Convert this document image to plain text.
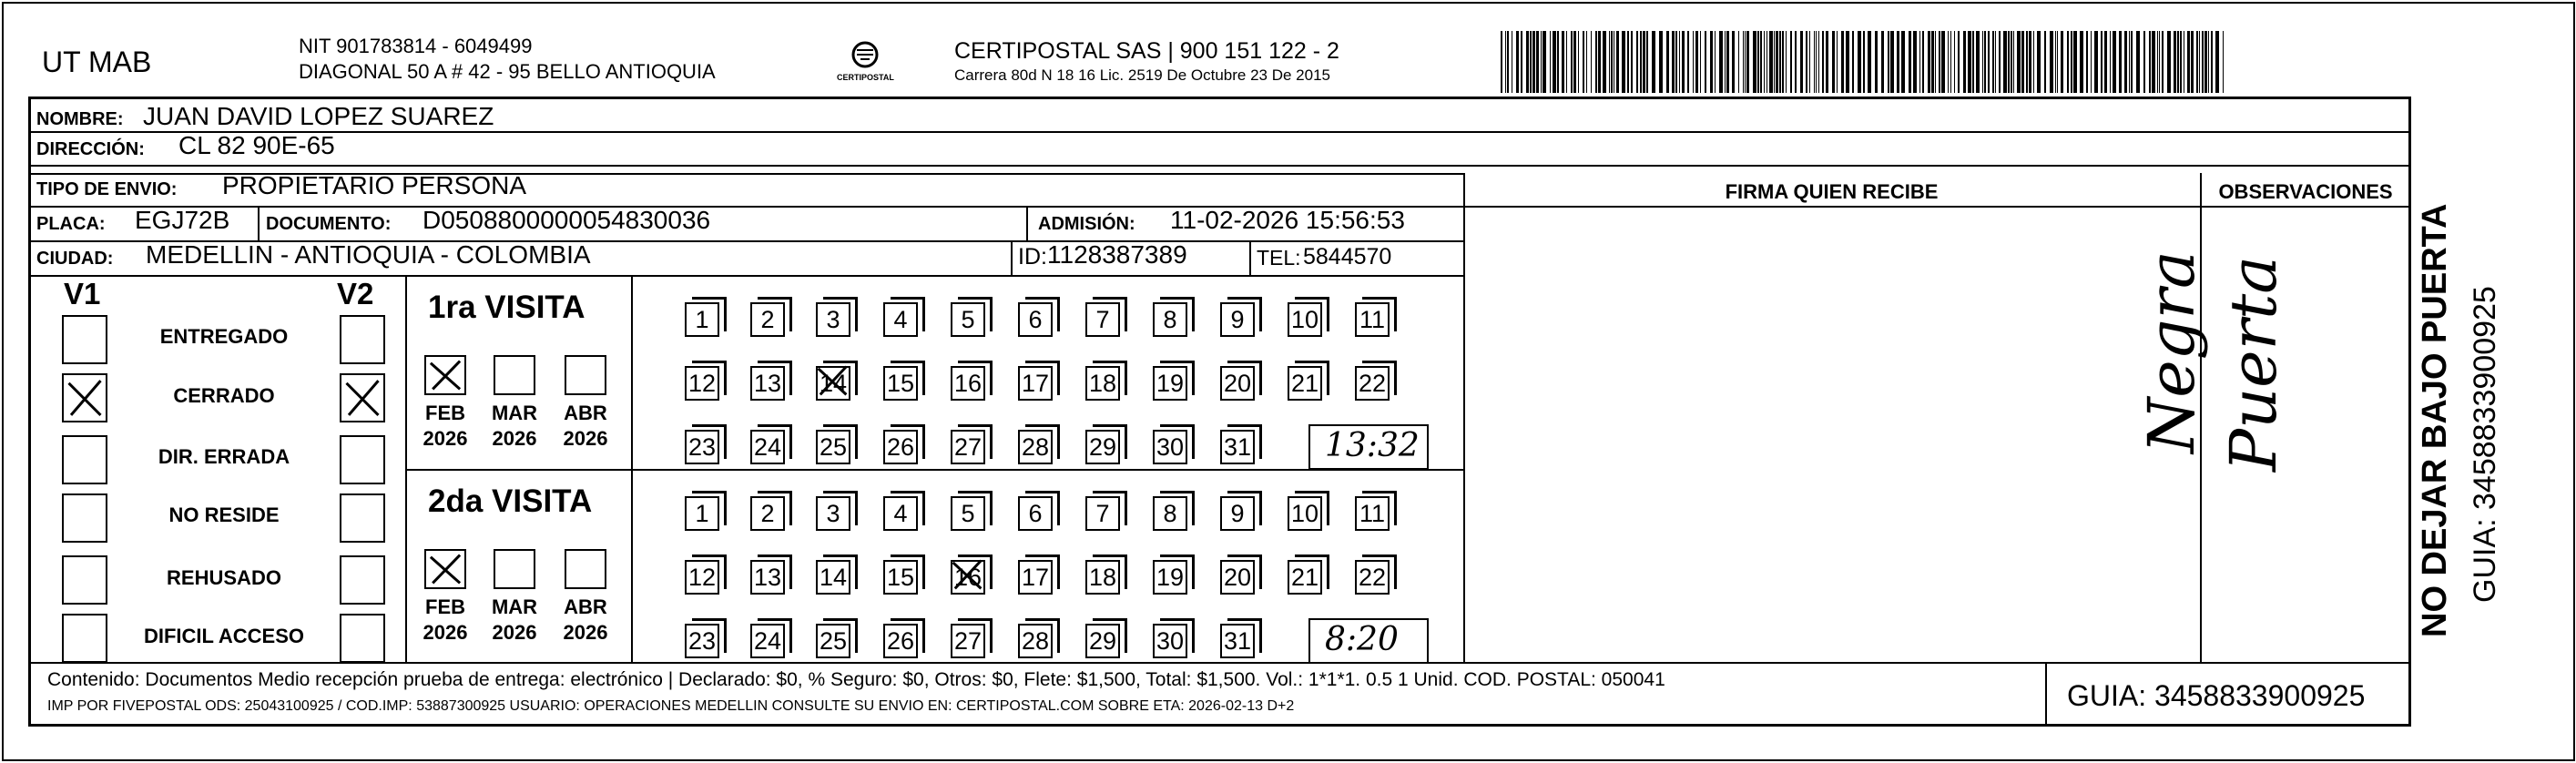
UT MAB	NIT 901783814 - 6049499
DIAGONAL 50 A # 42 - 95 BELLO ANTIOQUIA	CERTIPOSTAL
CERTIPOSTAL SAS | 900 151 122 - 2
Carrera 80d N 18 16 Lic. 2519 De Octubre 23 De 2015
NOMBRE: JUAN DAVID LOPEZ SUAREZ
DIRECCIÓN: CL 82 90E-65
TIPO DE ENVIO: PROPIETARIO PERSONA
PLACA: EGJ72B DOCUMENTO: D0508800000054830036	ADMISIÓN: 11-02-2026 15:56:53
CIUDAD: MEDELLIN - ANTIOQUIA - COLOMBIA	ID: 1128387389	TEL: 5844570
FIRMA QUIEN RECIBE	OBSERVACIONES
Puerta
Negra
V1	V2
ENTREGADO
CERRADO
DIR. ERRADA
NO RESIDE
REHUSADO
DIFICIL ACCESO
1ra VISITA
FEB
2026
MAR
2026
ABR
2026
1	2	3	4	5	6	7	8	9	10 11
12 13 14 15 16 17 18 19 20 21 22
23 24 25 26 27 28 29 30 31 13:32
2da VISITA
FEB
2026
MAR
2026
ABR
2026
1	2	3	4	5	6	7	8	9	10 11
12 13 14 15 16 17 18 19 20 21 22
23 24 25 26 27 28 29 30 31 8:20
Contenido: Documentos Medio recepción prueba de entrega: electrónico | Declarado: $0, % Seguro: $0, Otros: $0, Flete: $1,500, Total: $1,500. Vol.: 1*1*1. 0.5 1 Unid. COD. POSTAL: 050041
IMP POR FIVEPOSTAL ODS: 25043100925 / COD.IMP: 53887300925 USUARIO: OPERACIONES MEDELLIN CONSULTE SU ENVIO EN: CERTIPOSTAL.COM SOBRE ETA: 2026-02-13 D+2	GUIA: 3458833900925
NO DEJAR BAJO PUERTA GUIA: 3458833900925
